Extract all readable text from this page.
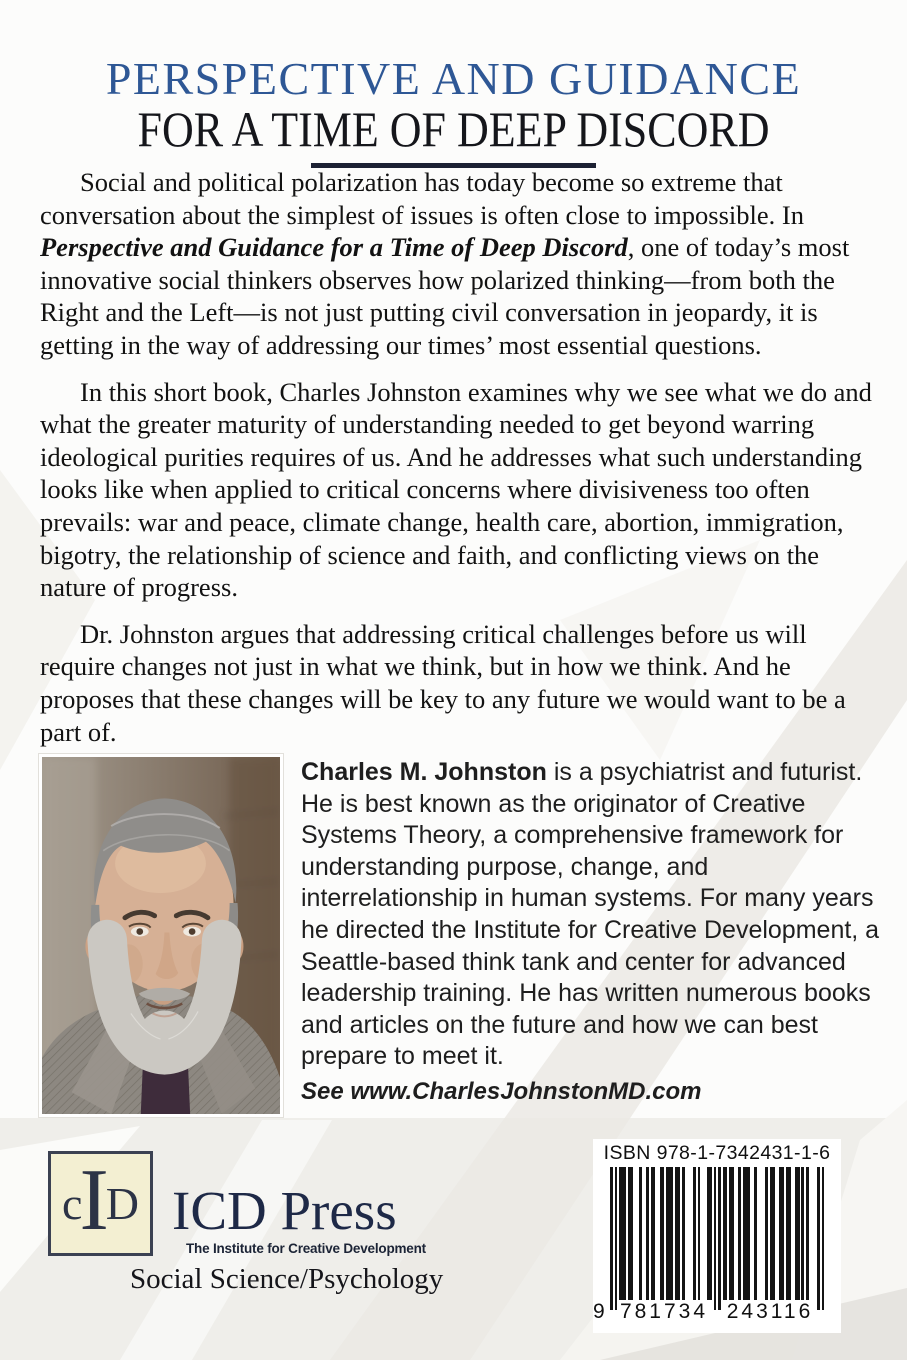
PERSPECTIVE AND GUIDANCE
FOR A TIME OF DEEP DISCORD

Social and political polarization has today become so extreme that conversation about the simplest of issues is often close to impossible. In Perspective and Guidance for a Time of Deep Discord, one of today’s most innovative social thinkers observes how polarized thinking—from both the Right and the Left—is not just putting civil conversation in jeopardy, it is getting in the way of addressing our times’ most essential questions.

In this short book, Charles Johnston examines why we see what we do and what the greater maturity of understanding needed to get beyond warring ideological purities requires of us. And he addresses what such understanding looks like when applied to critical concerns where divisiveness too often prevails: war and peace, climate change, health care, abortion, immigration, bigotry, the relationship of science and faith, and conflicting views on the nature of progress.

Dr. Johnston argues that addressing critical challenges before us will require changes not just in what we think, but in how we think. And he proposes that these changes will be key to any future we would want to be a part of.

Charles M. Johnston is a psychiatrist and futurist. He is best known as the originator of Creative Systems Theory, a comprehensive framework for understanding purpose, change, and interrelationship in human systems. For many years he directed the Institute for Creative Development, a Seattle-based think tank and center for advanced leadership training. He has written numerous books and articles on the future and how we can best prepare to meet it.

See www.CharlesJohnstonMD.com

c
I
D ICD Press
The Institute for Creative Development
Social Science/Psychology
ISBN 978-1-7342431-1-6
9 781734 243116
